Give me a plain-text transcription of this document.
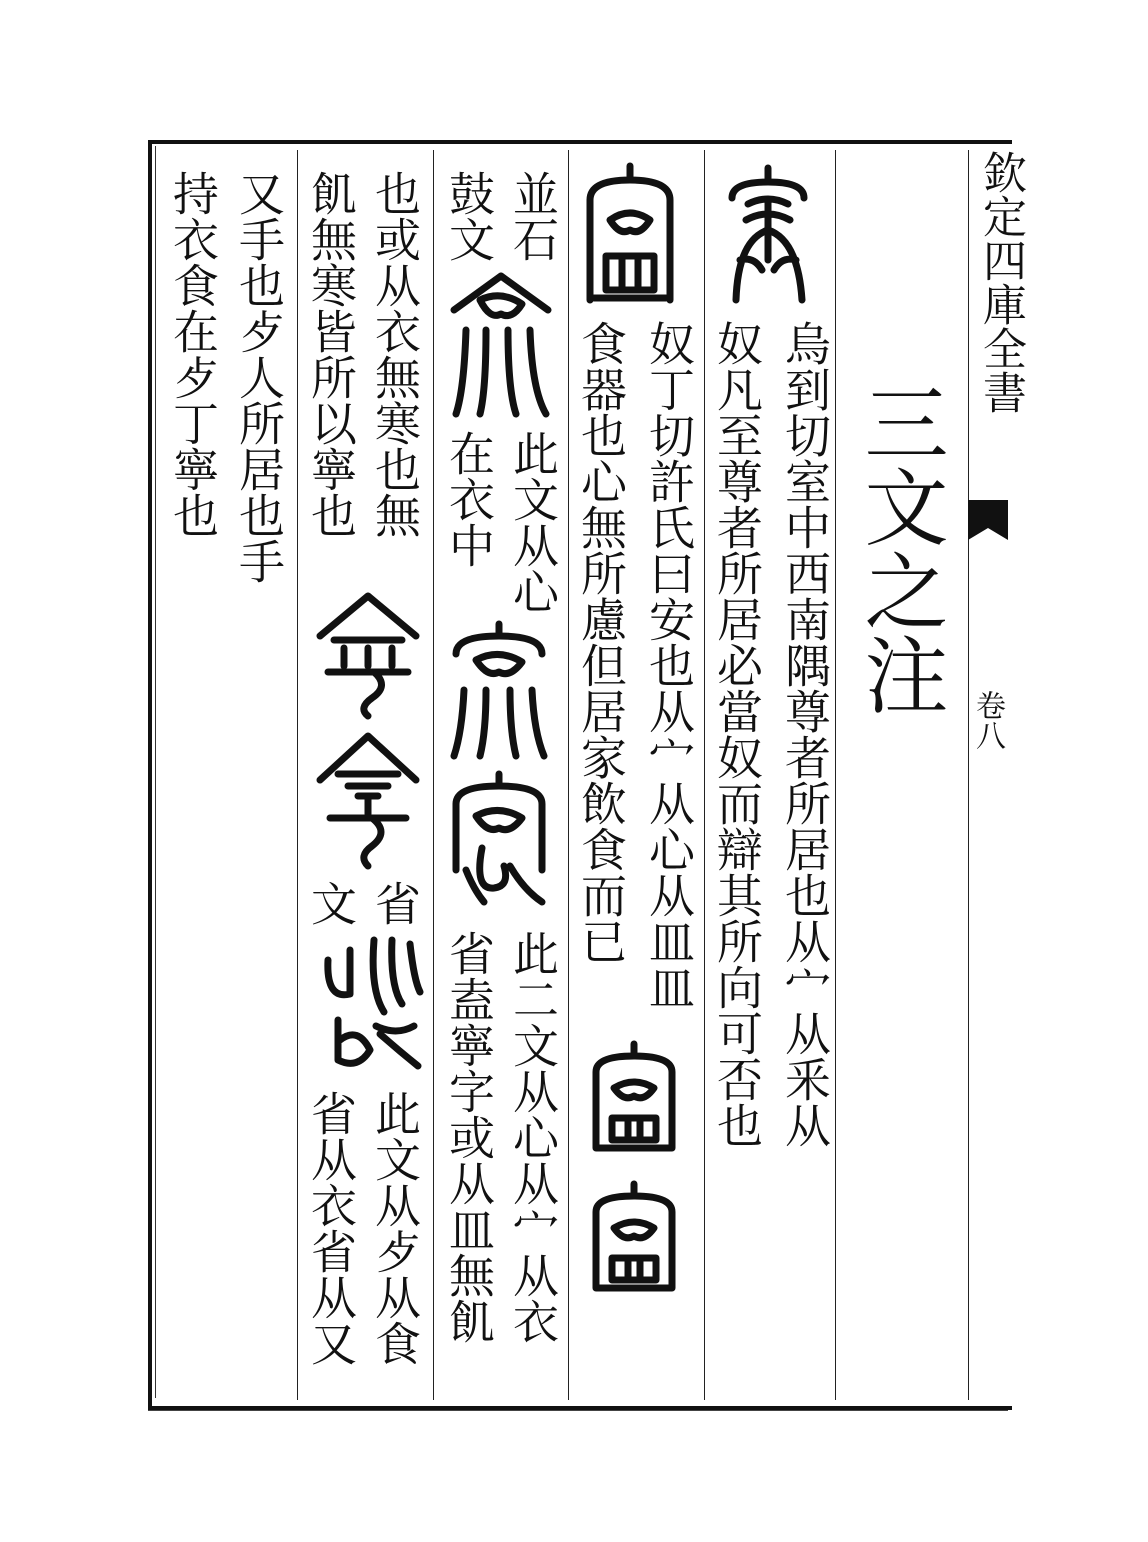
欽定四庫全書
卷八
三文之注
烏到切室中西南隅尊者所居也从宀从釆从
奴凡至尊者所居必當奴而辯其所向可否也
奴丁切許氏曰安也从宀从心从皿皿
食器也心無所慮但居家飲食而已
並石
鼓文
此文从心
在衣中
此二文从心从宀从衣
省盍寧字或从皿無飢
也或从衣無寒也無
飢無寒皆所以寧也
省
文
此文从歺从食
省从衣省从又
又手也歺人所居也手
持衣食在歺丁寧也
